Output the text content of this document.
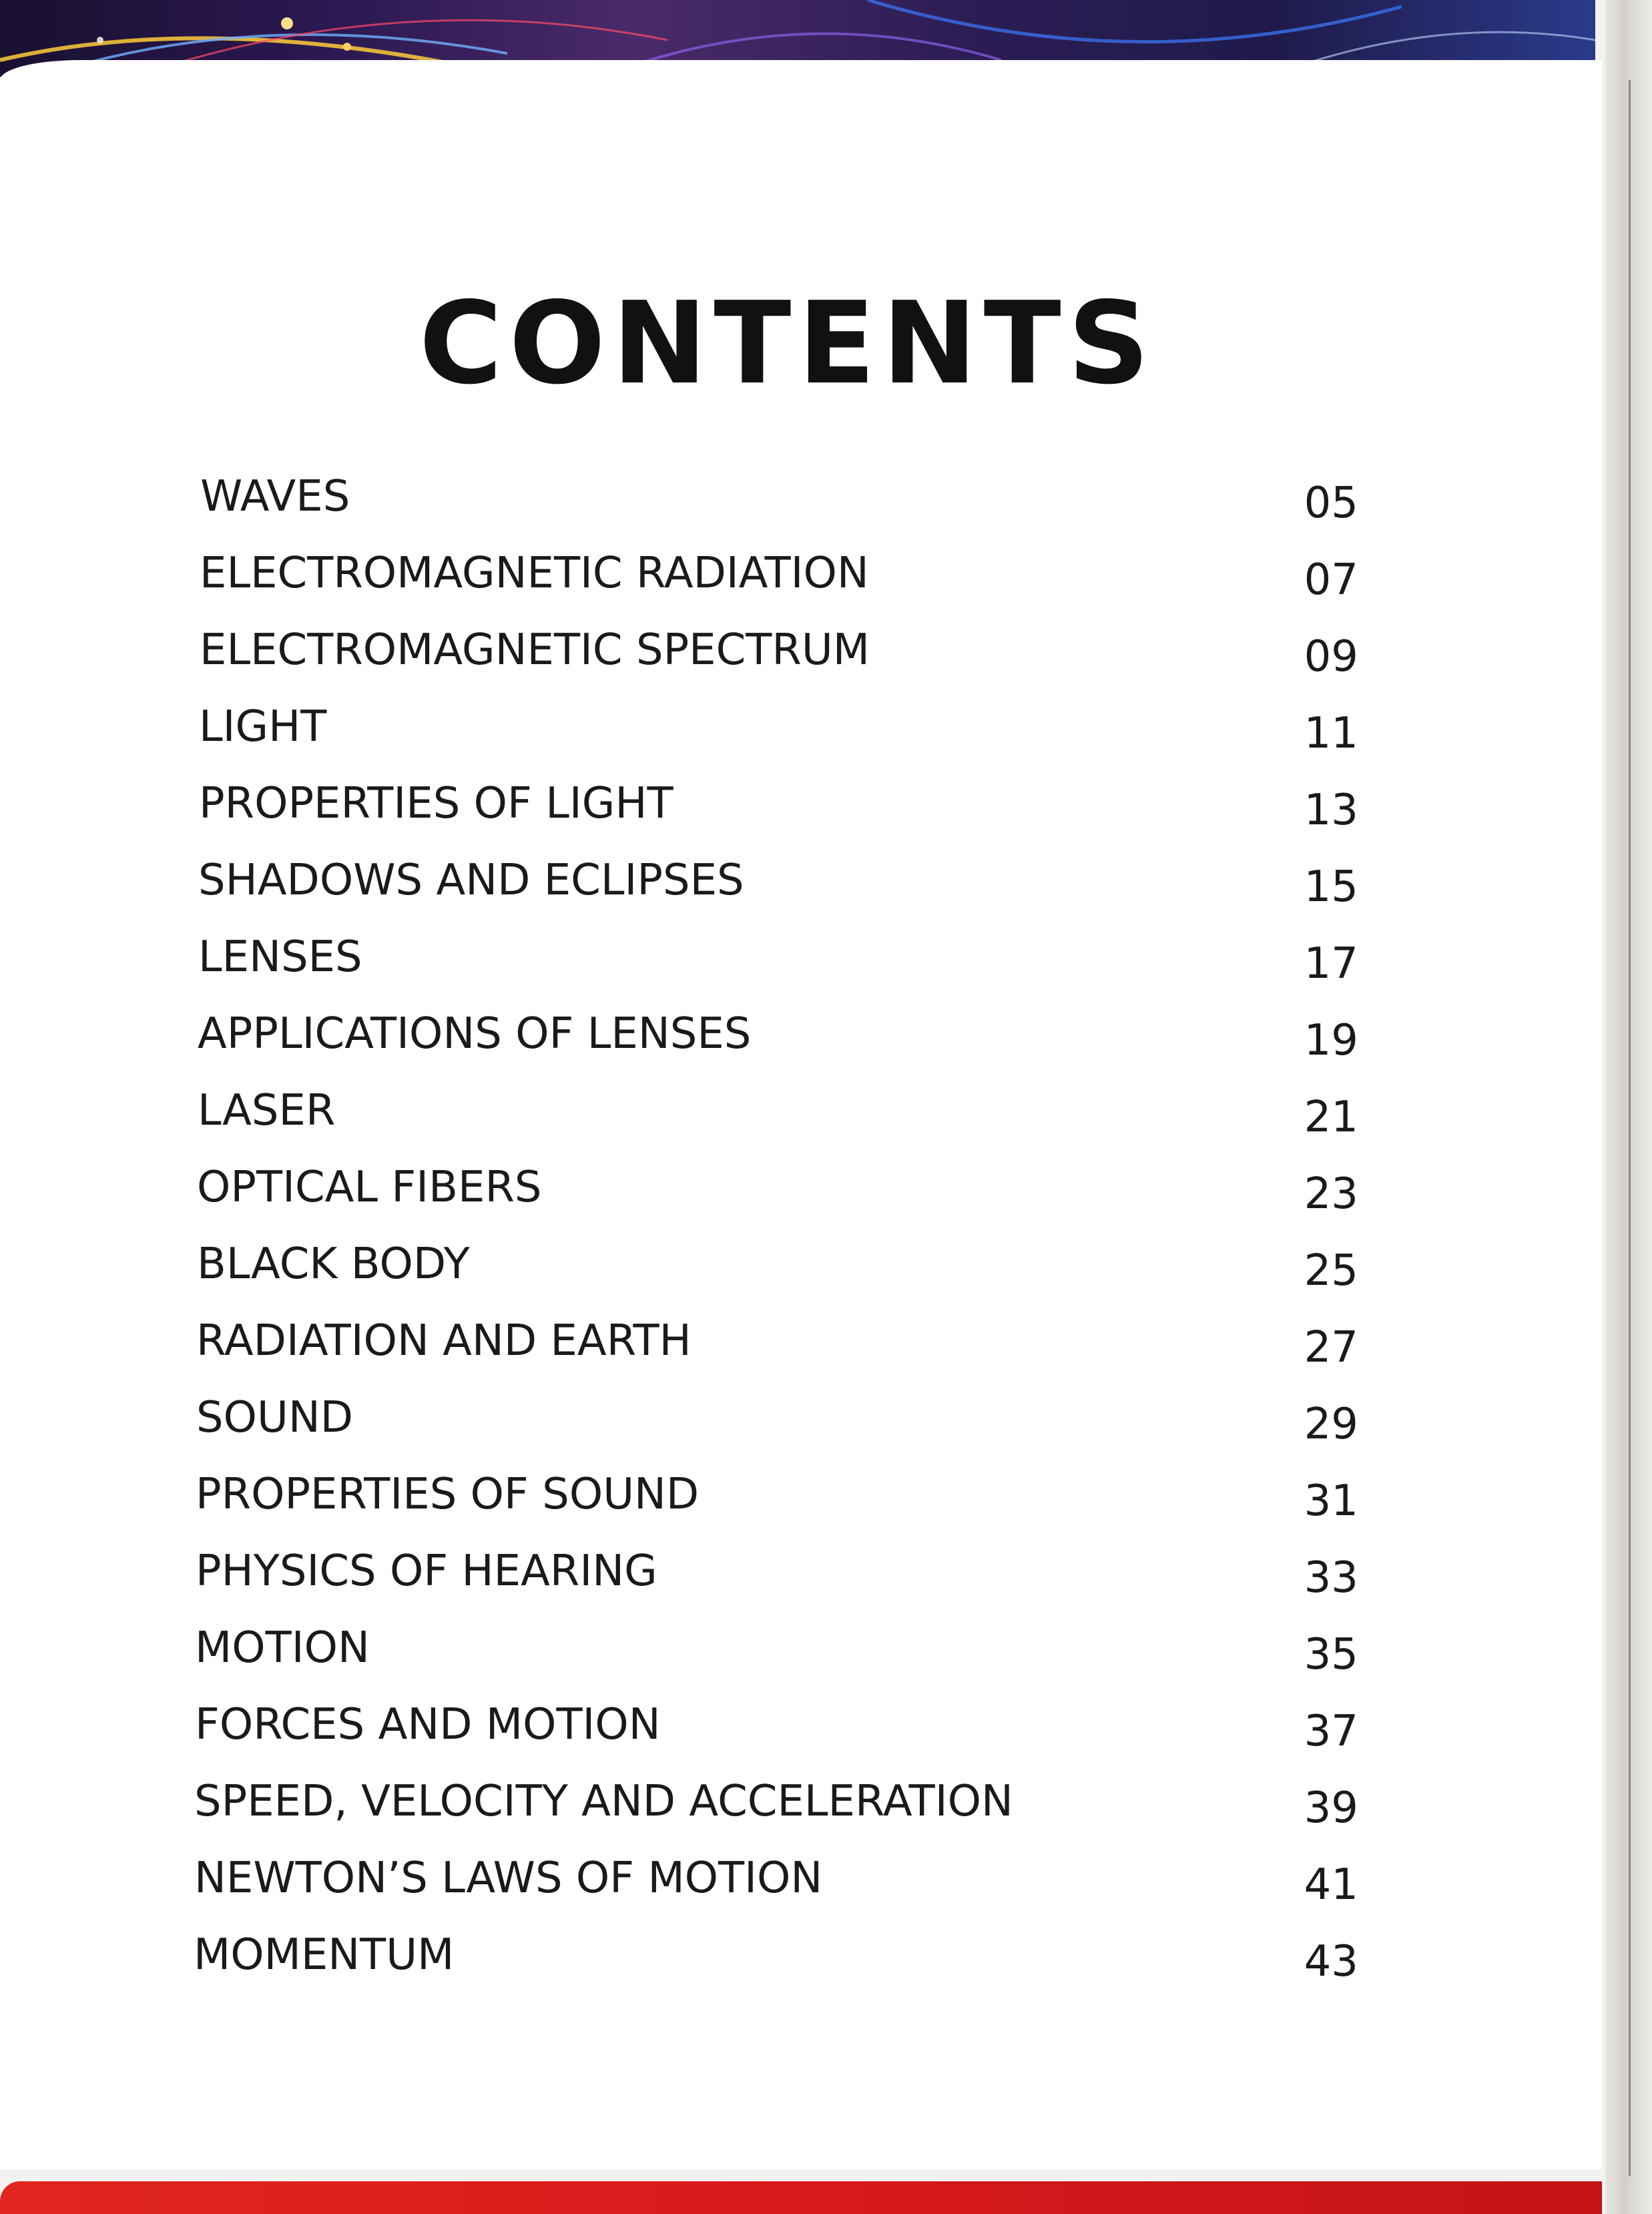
CONTENTS
WAVES	05
ELECTROMAGNETIC RADIATION	07
ELECTROMAGNETIC SPECTRUM	09
LIGHT	11
PROPERTIES OF LIGHT	13
SHADOWS AND ECLIPSES	15
LENSES	17
APPLICATIONS OF LENSES	19
LASER	21
OPTICAL FIBERS	23
BLACK BODY	25
RADIATION AND EARTH	27
SOUND	29
PROPERTIES OF SOUND	31
PHYSICS OF HEARING	33
MOTION	35
FORCES AND MOTION	37
SPEED, VELOCITY AND ACCELERATION	39
NEWTON’S LAWS OF MOTION	41
MOMENTUM	43
